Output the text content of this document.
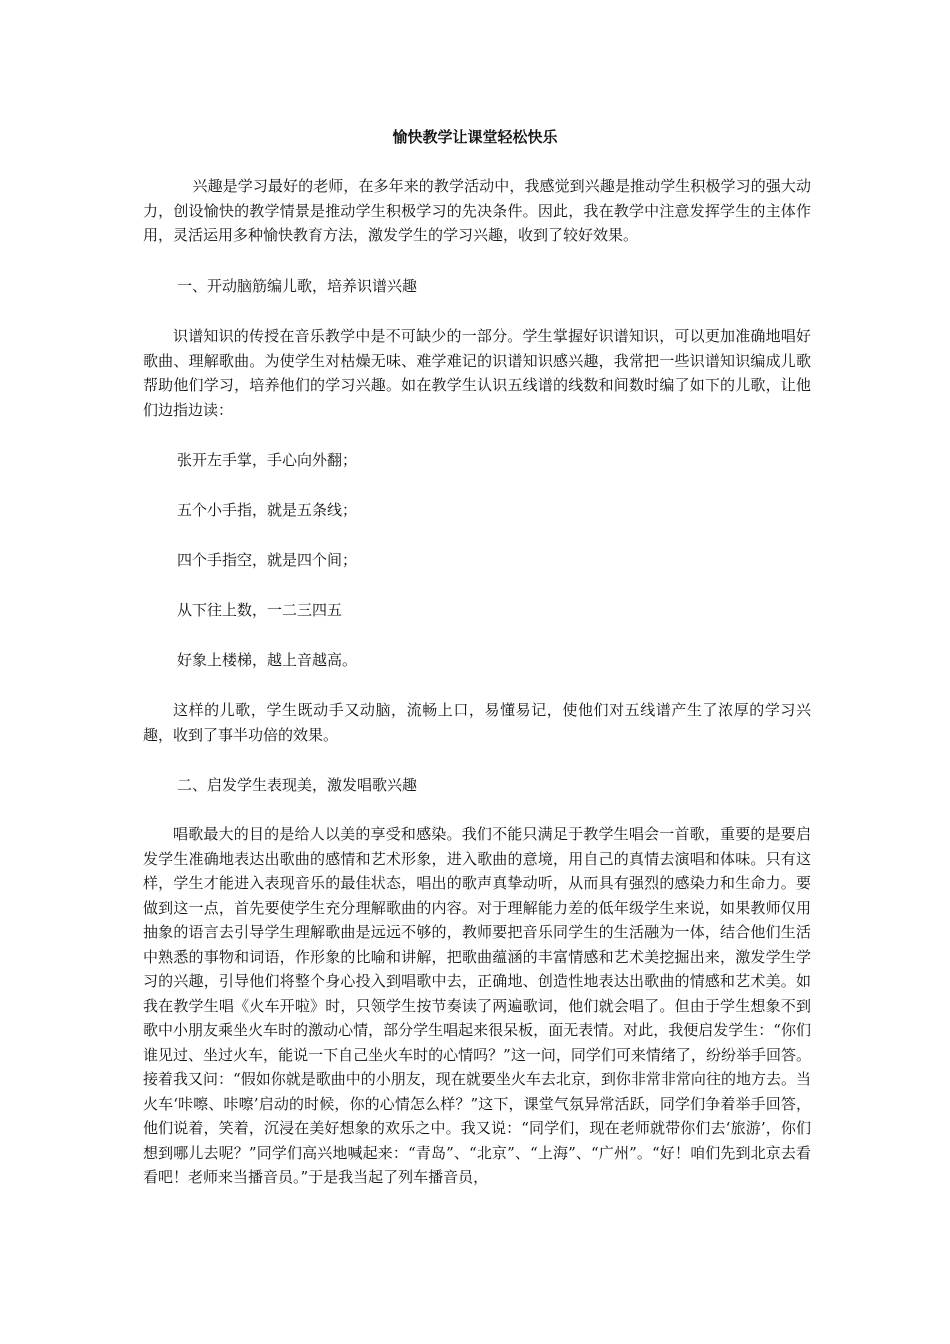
愉快教学让课堂轻松快乐

兴趣是学习最好的老师，在多年来的教学活动中，我感觉到兴趣是推动学生积极学习的强大动力，创设愉快的教学情景是推动学生积极学习的先决条件。因此，我在教学中注意发挥学生的主体作用，灵活运用多种愉快教育方法，激发学生的学习兴趣，收到了较好效果。

一、开动脑筋编儿歌，培养识谱兴趣

识谱知识的传授在音乐教学中是不可缺少的一部分。学生掌握好识谱知识，可以更加准确地唱好歌曲、理解歌曲。为使学生对枯燥无味、难学难记的识谱知识感兴趣，我常把一些识谱知识编成儿歌帮助他们学习，培养他们的学习兴趣。如在教学生认识五线谱的线数和间数时编了如下的儿歌，让他们边指边读：

张开左手掌，手心向外翻；

五个小手指，就是五条线；

四个手指空，就是四个间；

从下往上数，一二三四五

好象上楼梯，越上音越高。

这样的儿歌，学生既动手又动脑，流畅上口，易懂易记，使他们对五线谱产生了浓厚的学习兴趣，收到了事半功倍的效果。

二、启发学生表现美，激发唱歌兴趣

唱歌最大的目的是给人以美的享受和感染。我们不能只满足于教学生唱会一首歌，重要的是要启发学生准确地表达出歌曲的感情和艺术形象，进入歌曲的意境，用自己的真情去演唱和体味。只有这样，学生才能进入表现音乐的最佳状态，唱出的歌声真挚动听，从而具有强烈的感染力和生命力。要做到这一点，首先要使学生充分理解歌曲的内容。对于理解能力差的低年级学生来说，如果教师仅用抽象的语言去引导学生理解歌曲是远远不够的，教师要把音乐同学生的生活融为一体，结合他们生活中熟悉的事物和词语，作形象的比喻和讲解，把歌曲蕴涵的丰富情感和艺术美挖掘出来，激发学生学习的兴趣，引导他们将整个身心投入到唱歌中去，正确地、创造性地表达出歌曲的情感和艺术美。如我在教学生唱《火车开啦》时，只领学生按节奏读了两遍歌词，他们就会唱了。但由于学生想象不到歌中小朋友乘坐火车时的激动心情，部分学生唱起来很呆板，面无表情。对此，我便启发学生：“你们谁见过、坐过火车，能说一下自己坐火车时的心情吗？”这一问，同学们可来情绪了，纷纷举手回答。接着我又问：“假如你就是歌曲中的小朋友，现在就要坐火车去北京，到你非常非常向往的地方去。当火车‘咔嚓、咔嚓’启动的时候，你的心情怎么样？”这下，课堂气氛异常活跃，同学们争着举手回答，他们说着，笑着，沉浸在美好想象的欢乐之中。我又说：“同学们，现在老师就带你们去‘旅游’，你们想到哪儿去呢？”同学们高兴地喊起来：“青岛”、“北京”、“上海”、“广州”。“好！咱们先到北京去看看吧！老师来当播音员。”于是我当起了列车播音员，
